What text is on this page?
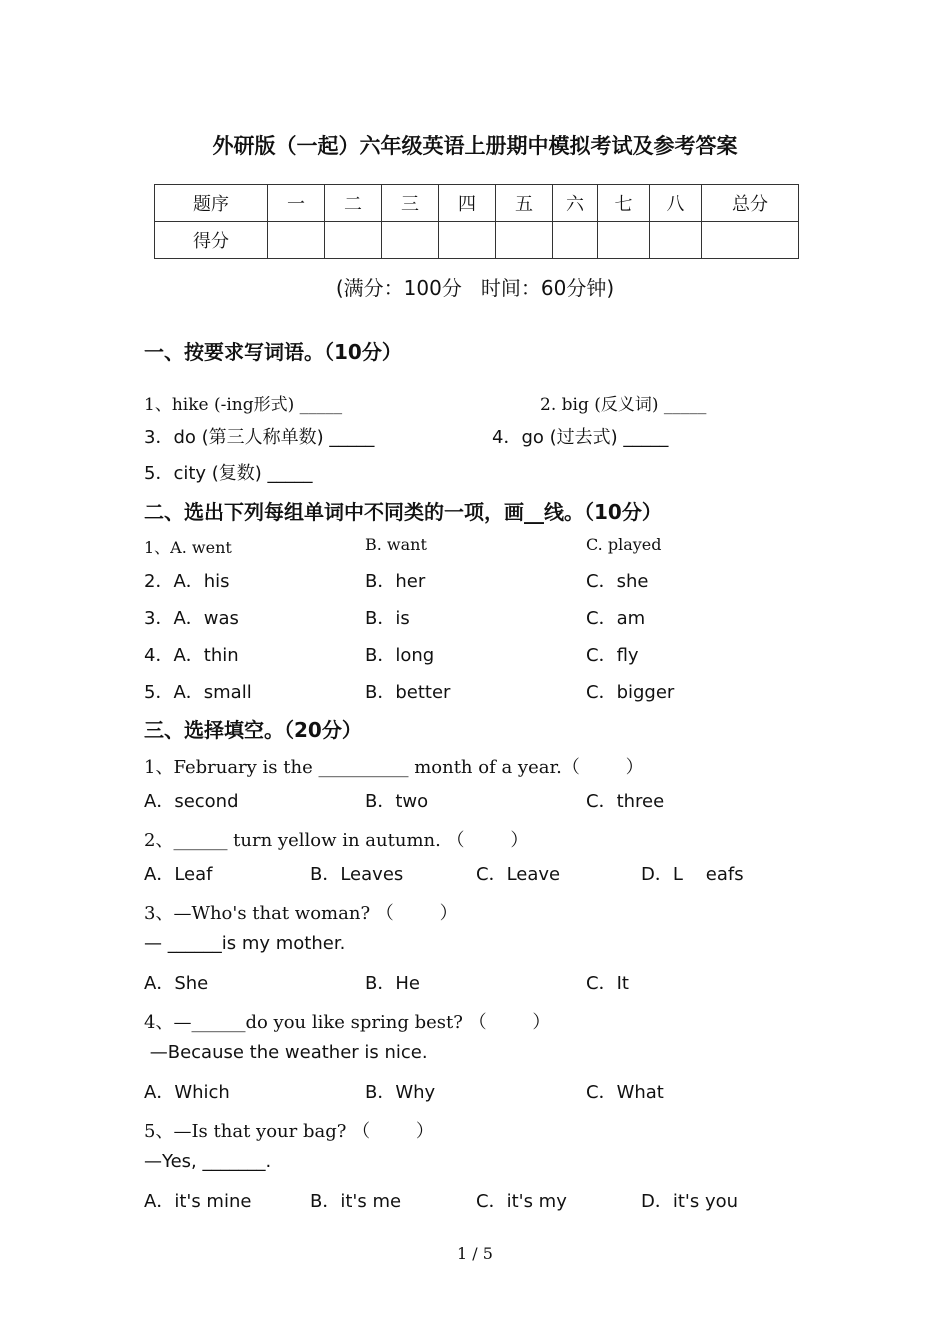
外研版（一起）六年级英语上册期中模拟考试及参考答案
题序	一	二	三	四	五	六	七	八	总分
得分									
(满分：100分   时间：60分钟)
一、按要求写词语。（10分）
1、hike (-ing形式) _____	2. big (反义词) _____
3．do (第三人称单数) _____	4．go (过去式) _____
5．city (复数) _____
二、选出下列每组单词中不同类的一项，画__线。（10分）
1、A. went	B. want	C. played
2．A．his	B．her	C．she
3．A．was	B．is	C．am
4．A．thin	B．long	C．fly
5．A．small	B．better	C．bigger
三、选择填空。（20分）
1、February is the __________ month of a year.（        ）
A．second	B．two	C．three
2、______ turn yellow in autumn. （        ）
A．Leaf	B．Leaves	C．Leave	D．L    eafs
3、—Who's that woman? （        ）
— ______is my mother.
A．She	B．He	C．It
4、—______do you like spring best? （        ）
—Because the weather is nice.
A．Which	B．Why	C．What
5、—Is that your bag? （        ）
—Yes, _______.
A．it's mine	B．it's me	C．it's my	D．it's you
1 / 5
